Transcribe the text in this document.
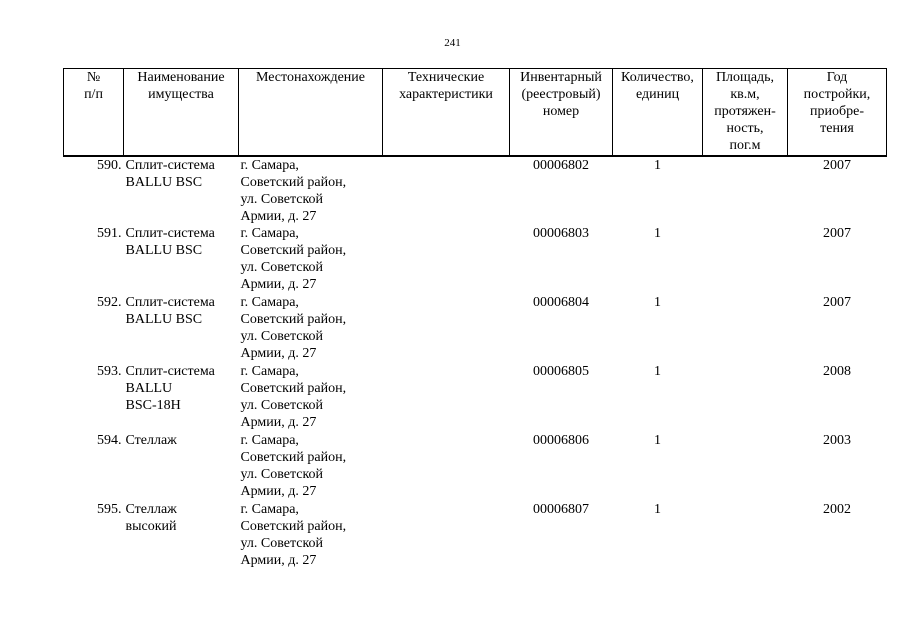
241
№
п/п	Наименование
имущества	Местонахождение	Технические
характеристики	Инвентарный
(реестровый)
номер	Количество,
единиц	Площадь,
кв.м,
протяжен-
ность,
пог.м	Год
постройки,
приобре-
тения

590.	Сплит-система
BALLU BSC	г. Самара,
Советский район,
ул. Советской
Армии, д. 27		00006802	1		2007
591.	Сплит-система
BALLU BSC	г. Самара,
Советский район,
ул. Советской
Армии, д. 27		00006803	1		2007
592.	Сплит-система
BALLU BSC	г. Самара,
Советский район,
ул. Советской
Армии, д. 27		00006804	1		2007
593.	Сплит-система
BALLU
BSC-18H	г. Самара,
Советский район,
ул. Советской
Армии, д. 27		00006805	1		2008
594.	Стеллаж	г. Самара,
Советский район,
ул. Советской
Армии, д. 27		00006806	1		2003
595.	Стеллаж
высокий	г. Самара,
Советский район,
ул. Советской
Армии, д. 27		00006807	1		2002
